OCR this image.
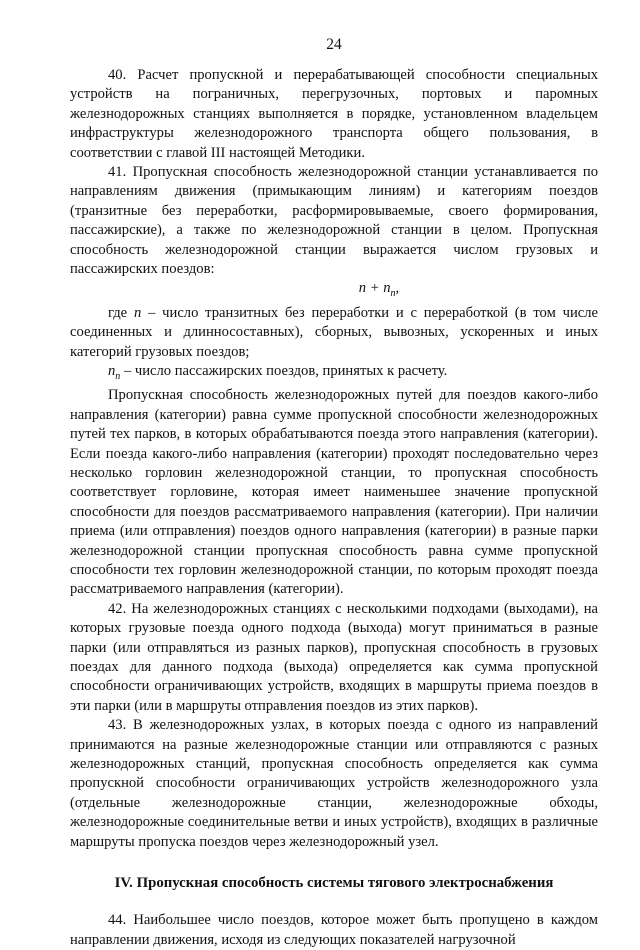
24

40. Расчет пропускной и перерабатывающей способности специальных устройств на пограничных, перегрузочных, портовых и паромных железнодорожных станциях выполняется в порядке, установленном владельцем инфраструктуры железнодорожного транспорта общего пользования, в соответствии с главой III настоящей Методики.

41. Пропускная способность железнодорожной станции устанавливается по направлениям движения (примыкающим линиям) и категориям поездов (транзитные без переработки, расформировываемые, своего формирования, пассажирские), а также по железнодорожной станции в целом. Пропускная способность железнодорожной станции выражается числом грузовых и пассажирских поездов:

$n + n_п$,

где n – число транзитных без переработки и с переработкой (в том числе соединенных и длинносоставных), сборных, вывозных, ускоренных и иных категорий грузовых поездов;

$n_п$ – число пассажирских поездов, принятых к расчету.

Пропускная способность железнодорожных путей для поездов какого-либо направления (категории) равна сумме пропускной способности железнодорожных путей тех парков, в которых обрабатываются поезда этого направления (категории). Если поезда какого-либо направления (категории) проходят последовательно через несколько горловин железнодорожной станции, то пропускная способность соответствует горловине, которая имеет наименьшее значение пропускной способности для поездов рассматриваемого направления (категории). При наличии приема (или отправления) поездов одного направления (категории) в разные парки железнодорожной станции пропускная способность равна сумме пропускной способности тех горловин железнодорожной станции, по которым проходят поезда рассматриваемого направления (категории).

42. На железнодорожных станциях с несколькими подходами (выходами), на которых грузовые поезда одного подхода (выхода) могут приниматься в разные парки (или отправляться из разных парков), пропускная способность в грузовых поездах для данного подхода (выхода) определяется как сумма пропускной способности ограничивающих устройств, входящих в маршруты приема поездов в эти парки (или в маршруты отправления поездов из этих парков).

43. В железнодорожных узлах, в которых поезда с одного из направлений принимаются на разные железнодорожные станции или отправляются с разных железнодорожных станций, пропускная способность определяется как сумма пропускной способности ограничивающих устройств железнодорожного узла (отдельные железнодорожные станции, железнодорожные обходы, железнодорожные соединительные ветви и иных устройств), входящих в различные маршруты пропуска поездов через железнодорожный узел.

IV. Пропускная способность системы тягового электроснабжения

44. Наибольшее число поездов, которое может быть пропущено в каждом направлении движения, исходя из следующих показателей нагрузочной
